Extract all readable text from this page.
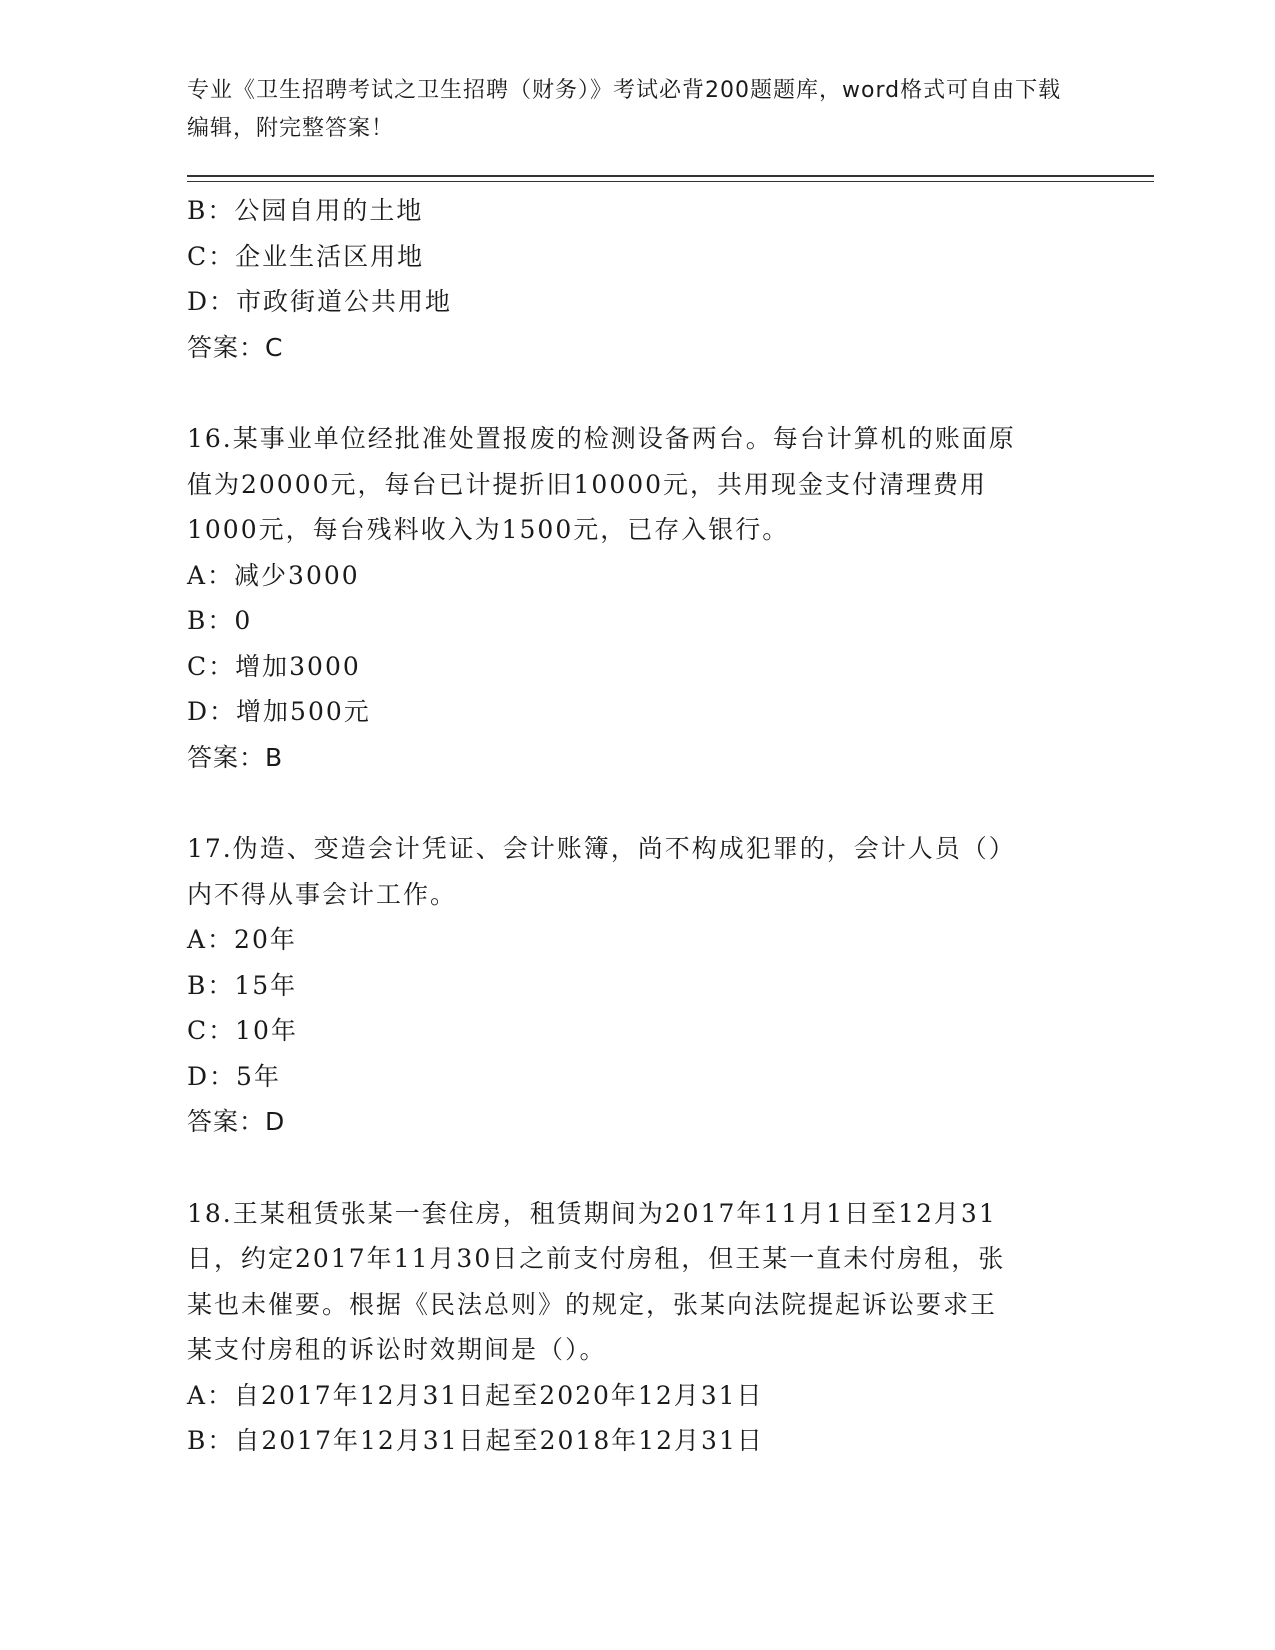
专业《卫生招聘考试之卫生招聘（财务）》考试必背200题题库，word格式可自由下载编辑，附完整答案！
B：公园自用的土地
C：企业生活区用地
D：市政街道公共用地
答案：C
16.某事业单位经批准处置报废的检测设备两台。每台计算机的账面原
值为20000元，每台已计提折旧10000元，共用现金支付清理费用
1000元，每台残料收入为1500元，已存入银行。
A：减少3000
B：0
C：增加3000
D：增加500元
答案：B
17.伪造、变造会计凭证、会计账簿，尚不构成犯罪的，会计人员（）
内不得从事会计工作。
A：20年
B：15年
C：10年
D：5年
答案：D
18.王某租赁张某一套住房，租赁期间为2017年11月1日至12月31
日，约定2017年11月30日之前支付房租，但王某一直未付房租，张
某也未催要。根据《民法总则》的规定，张某向法院提起诉讼要求王
某支付房租的诉讼时效期间是（）。
A：自2017年12月31日起至2020年12月31日
B：自2017年12月31日起至2018年12月31日
